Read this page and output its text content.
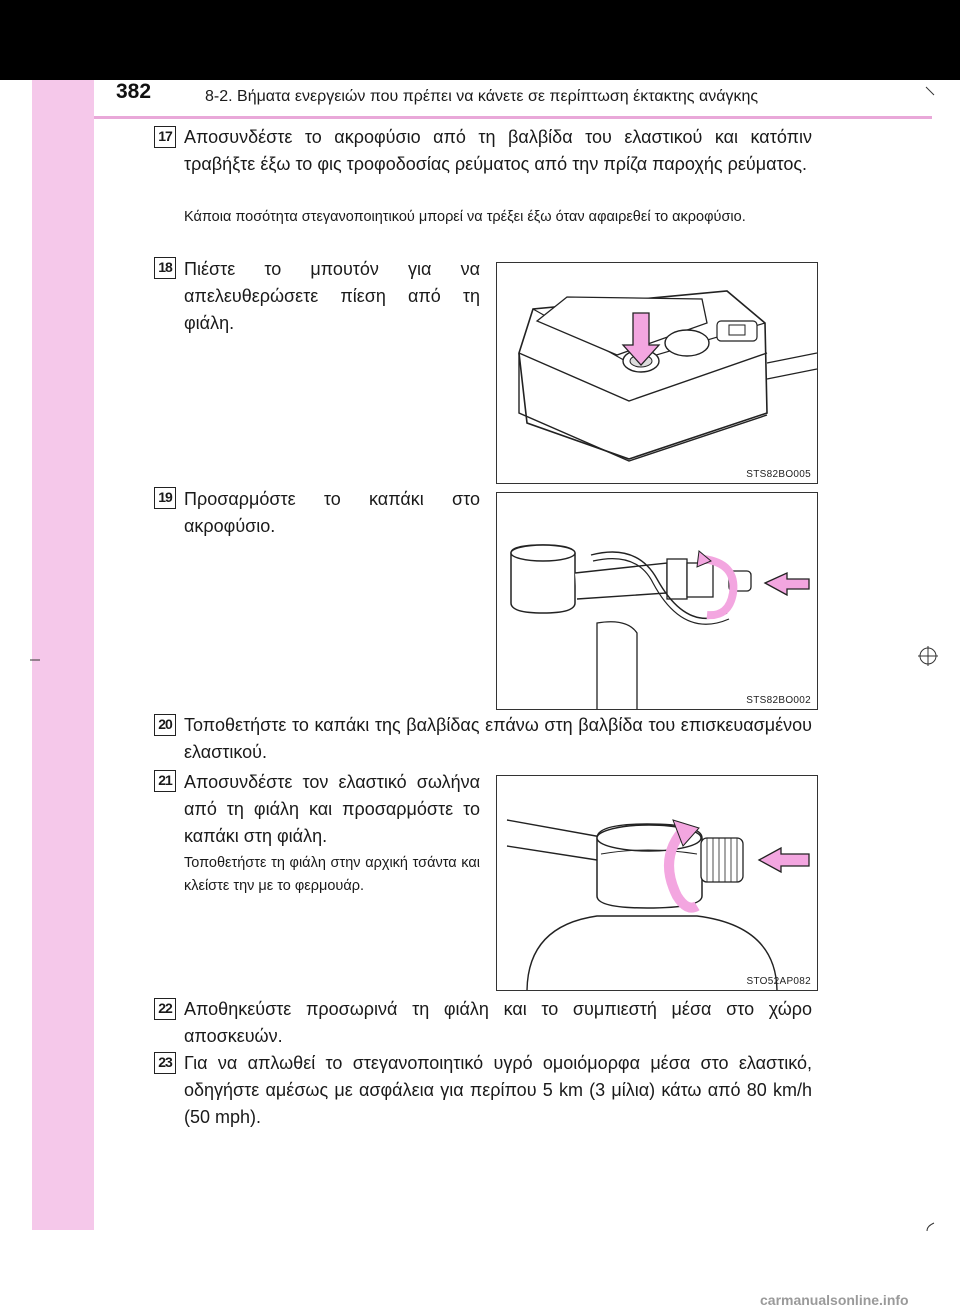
382	8-2. Βήματα ενεργειών που πρέπει να κάνετε σε περίπτωση έκτακτης ανάγκης
17 Αποσυνδέστε το ακροφύσιο από τη βαλβίδα του ελαστικού και κατόπιν τραβήξτε έξω το φις τροφοδοσίας ρεύματος από την πρίζα παροχής ρεύματος.
Κάποια ποσότητα στεγανοποιητικού μπορεί να τρέξει έξω όταν αφαιρεθεί το ακροφύσιο.
18 Πιέστε το μπουτόν για να απελευθερώσετε πίεση από τη φιάλη.
STS82BO005
19 Προσαρμόστε το καπάκι στο ακροφύσιο.
STS82BO002
20 Τοποθετήστε το καπάκι της βαλβίδας επάνω στη βαλβίδα του επισκευασμένου ελαστικού.
21 Αποσυνδέστε τον ελαστικό σωλήνα από τη φιάλη και προσαρμόστε το καπάκι στη φιάλη.
Τοποθετήστε τη φιάλη στην αρχική τσάντα και κλείστε την με το φερμουάρ.
STO52AP082
22 Αποθηκεύστε προσωρινά τη φιάλη και το συμπιεστή μέσα στο χώρο αποσκευών.
23 Για να απλωθεί το στεγανοποιητικό υγρό ομοιόμορφα μέσα στο ελαστικό, οδηγήστε αμέσως με ασφάλεια για περίπου 5 km (3 μίλια) κάτω από 80 km/h (50 mph).
carmanualsonline.info
